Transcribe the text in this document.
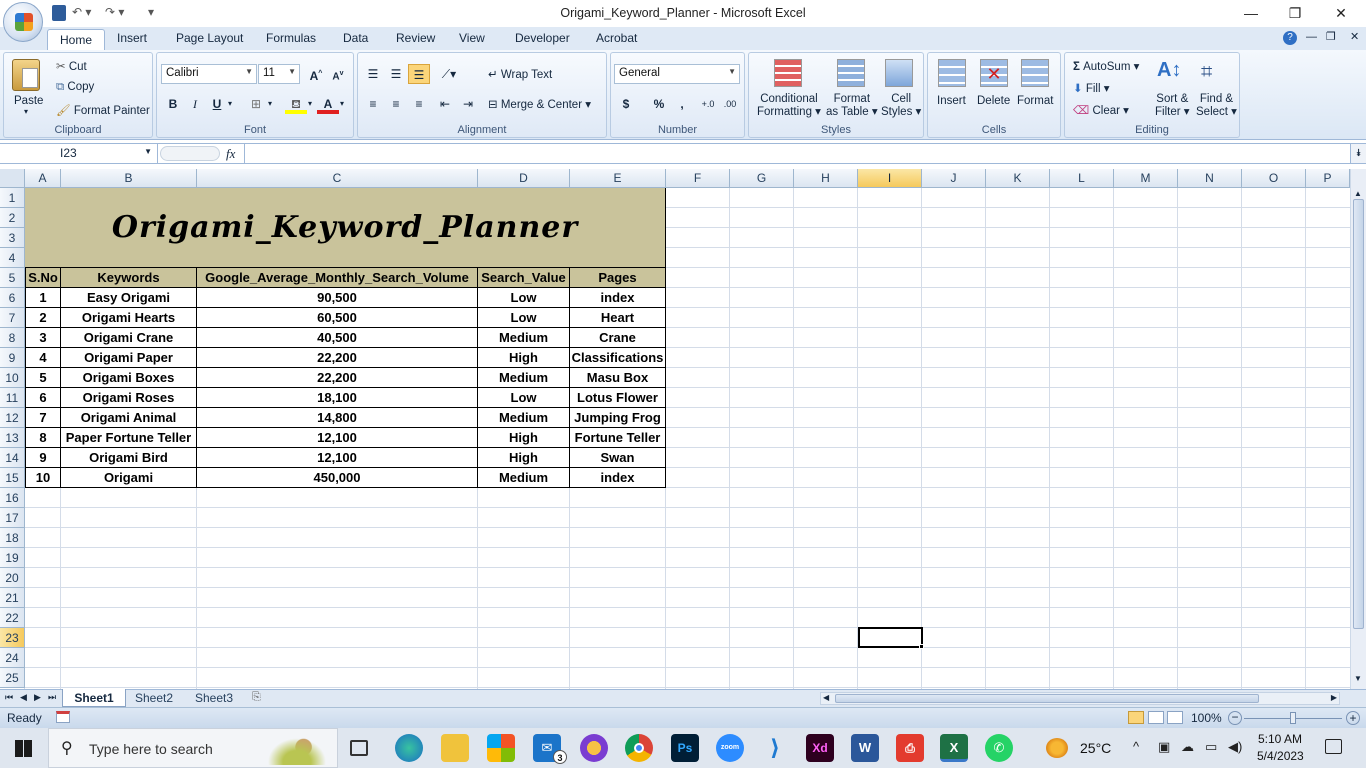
↶ ▾ ↷ ▾ ▾	Origami_Keyword_Planner - Microsoft Excel	—	❐	✕
Home	Insert Page Layout Formulas Data Review View	Developer Acrobat	?	— ❐ ✕
Paste
▾
✂ Cut
⧉ Copy
🖌 Format Painter
Clipboard
Calibri	▼ 11 ▼	A^	$A^v$
B	I	U ▾	⊞ ▾	⛾ ▾ A ▾
Font
☰	☰	☰	⟋▾	↵ Wrap Text
≡	≡	≡	⇤	⇥	⊟ Merge & Center ▾
Alignment
General	▼
$	%	,	+.0	.00
Number
Conditional
Formatting ▾
Format
as Table ▾
Cell
Styles ▾
Styles
Insert
✕
Delete Format
Cells
Σ AutoSum ▾
⬇ Fill ▾
⌫ Clear ▾
A↕
Sort &
Filter ▾
⌗
Find &
Select ▾
Editing
I23	▼	fx	⯯
A	B	C	D	E	F	G	H	I	J	K	L	M	N	O	P
1
2
3
4
5
6
7
8
9
10
11
12
13
14
15
16
17
18
19
20
21
22
23
24
25
Origami_Keyword_Planner
S.No	Keywords	Google_Average_Monthly_Search_Volume Search_Value	Pages
1	Easy Origami	90,500	Low	index
2	Origami Hearts	60,500	Low	Heart
3	Origami Crane	40,500	Medium	Crane
4	Origami Paper	22,200	High	Classifications
5	Origami Boxes	22,200	Medium	Masu Box
6	Origami Roses	18,100	Low	Lotus Flower
7	Origami Animal	14,800	Medium	Jumping Frog
8	Paper Fortune Teller	12,100	High	Fortune Teller
9	Origami Bird	12,100	High	Swan
10	Origami	450,000	Medium	index
▲
▼
⏮ ◀ ▶ ⏭	Sheet1	Sheet2	Sheet3	⎘	◀	▶
Ready	100% −	+
⚲ Type here to search	✉
3
Ps	zoom	⟩	Xd	W	⎙	X	✆	25°C ^ ▣ ☁ ▭ ◀) 5:10 AM
5/4/2023
